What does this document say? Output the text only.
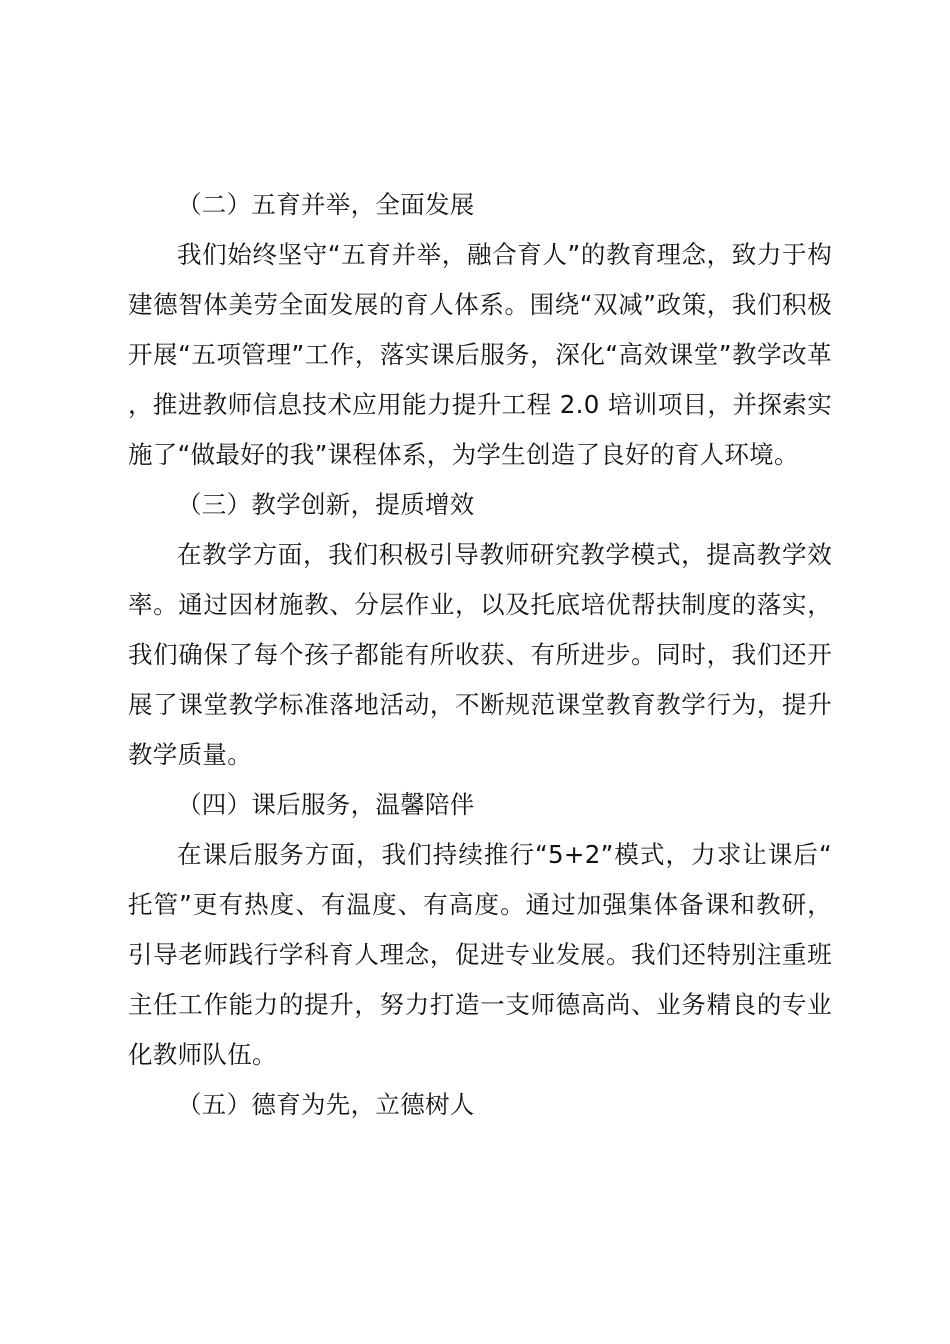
（二）五育并举，全面发展

我们始终坚守“五育并举，融合育人”的教育理念，致力于构建德智体美劳全面发展的育人体系。围绕“双减”政策，我们积极开展“五项管理”工作，落实课后服务，深化“高效课堂”教学改革，推进教师信息技术应用能力提升工程 2.0 培训项目，并探索实施了“做最好的我”课程体系，为学生创造了良好的育人环境。

（三）教学创新，提质增效

在教学方面，我们积极引导教师研究教学模式，提高教学效率。通过因材施教、分层作业，以及托底培优帮扶制度的落实，我们确保了每个孩子都能有所收获、有所进步。同时，我们还开展了课堂教学标准落地活动，不断规范课堂教育教学行为，提升教学质量。

（四）课后服务，温馨陪伴

在课后服务方面，我们持续推行“5+2”模式，力求让课后“托管”更有热度、有温度、有高度。通过加强集体备课和教研，引导老师践行学科育人理念，促进专业发展。我们还特别注重班主任工作能力的提升，努力打造一支师德高尚、业务精良的专业化教师队伍。

（五）德育为先，立德树人
